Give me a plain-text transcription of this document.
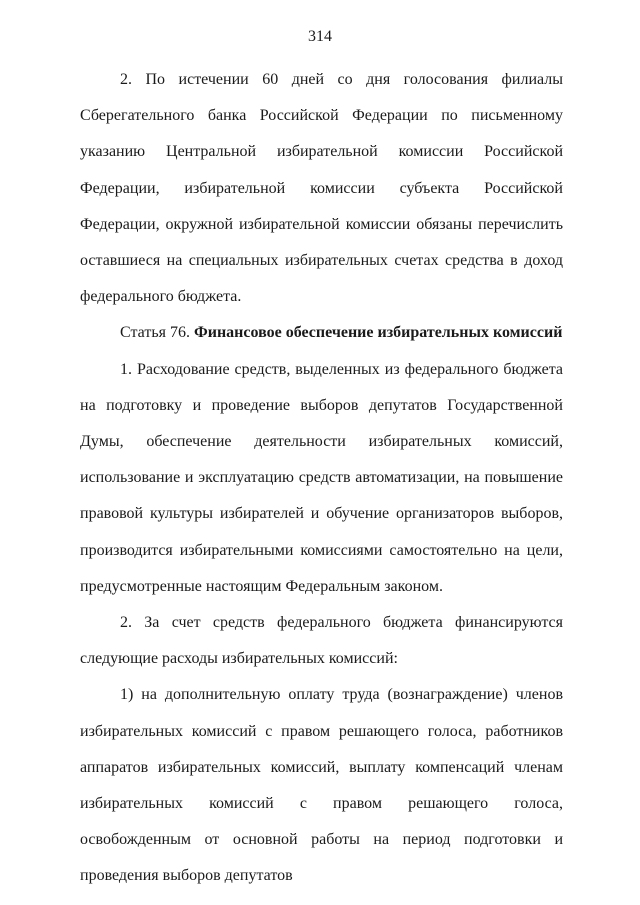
314

2. По истечении 60 дней со дня голосования филиалы Сберегательного банка Российской Федерации по письменному указанию Центральной избирательной комиссии Российской Федерации, избирательной комиссии субъекта Российской Федерации, окружной избирательной комиссии обязаны перечислить оставшиеся на специальных избирательных счетах средства в доход федерального бюджета.

Статья 76. Финансовое обеспечение избирательных комиссий

1. Расходование средств, выделенных из федерального бюджета на подготовку и проведение выборов депутатов Государственной Думы, обеспечение деятельности избирательных комиссий, использование и эксплуатацию средств автоматизации, на повышение правовой культуры избирателей и обучение организаторов выборов, производится избирательными комиссиями самостоятельно на цели, предусмотренные настоящим Федеральным законом.

2. За счет средств федерального бюджета финансируются следующие расходы избирательных комиссий:

1) на дополнительную оплату труда (вознаграждение) членов избирательных комиссий с правом решающего голоса, работников аппаратов избирательных комиссий, выплату компенсаций членам избирательных комиссий с правом решающего голоса, освобожденным от основной работы на период подготовки и проведения выборов депутатов
